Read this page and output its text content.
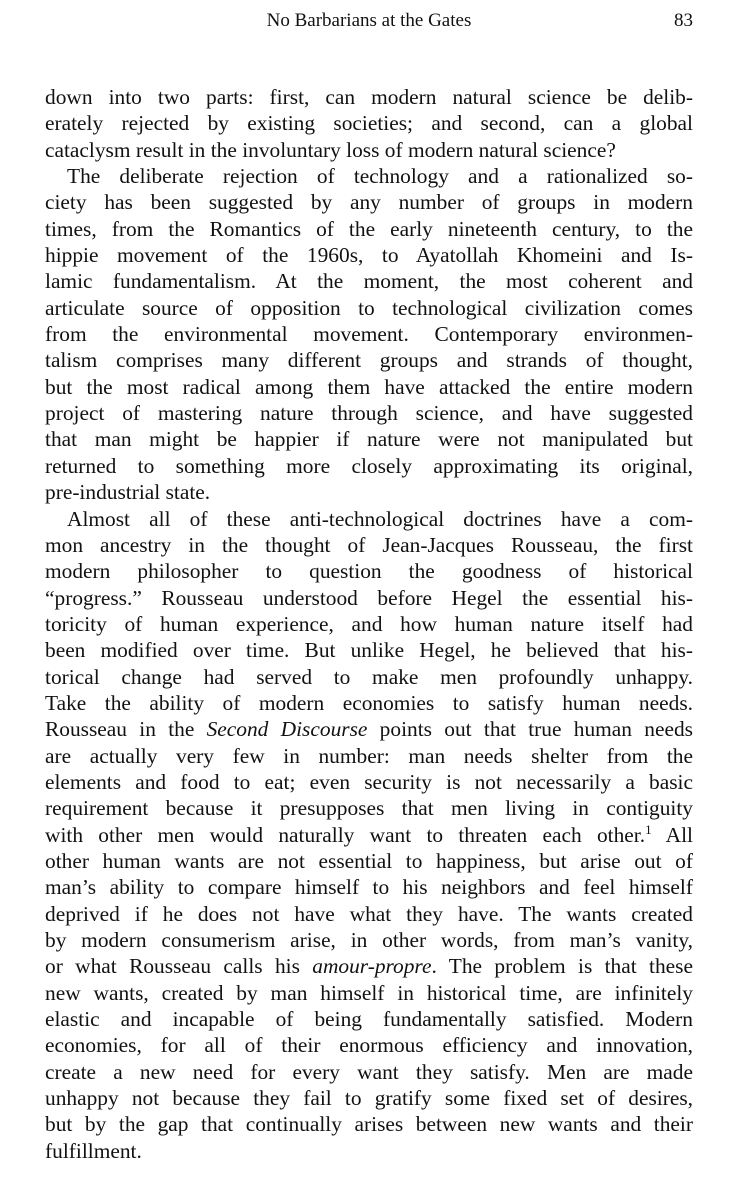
No Barbarians at the Gates	83
down into two parts: first, can modern natural science be delib-
erately rejected by existing societies; and second, can a global
cataclysm result in the involuntary loss of modern natural science?
The deliberate rejection of technology and a rationalized so-
ciety has been suggested by any number of groups in modern
times, from the Romantics of the early nineteenth century, to the
hippie movement of the 1960s, to Ayatollah Khomeini and Is-
lamic fundamentalism. At the moment, the most coherent and
articulate source of opposition to technological civilization comes
from the environmental movement. Contemporary environmen-
talism comprises many different groups and strands of thought,
but the most radical among them have attacked the entire modern
project of mastering nature through science, and have suggested
that man might be happier if nature were not manipulated but
returned to something more closely approximating its original,
pre-industrial state.
Almost all of these anti-technological doctrines have a com-
mon ancestry in the thought of Jean-Jacques Rousseau, the first
modern philosopher to question the goodness of historical
“progress.” Rousseau understood before Hegel the essential his-
toricity of human experience, and how human nature itself had
been modified over time. But unlike Hegel, he believed that his-
torical change had served to make men profoundly unhappy.
Take the ability of modern economies to satisfy human needs.
Rousseau in the Second Discourse points out that true human needs
are actually very few in number: man needs shelter from the
elements and food to eat; even security is not necessarily a basic
requirement because it presupposes that men living in contiguity
with other men would naturally want to threaten each other.$^1$ All
other human wants are not essential to happiness, but arise out of
man’s ability to compare himself to his neighbors and feel himself
deprived if he does not have what they have. The wants created
by modern consumerism arise, in other words, from man’s vanity,
or what Rousseau calls his amour-propre. The problem is that these
new wants, created by man himself in historical time, are infinitely
elastic and incapable of being fundamentally satisfied. Modern
economies, for all of their enormous efficiency and innovation,
create a new need for every want they satisfy. Men are made
unhappy not because they fail to gratify some fixed set of desires,
but by the gap that continually arises between new wants and their
fulfillment.
